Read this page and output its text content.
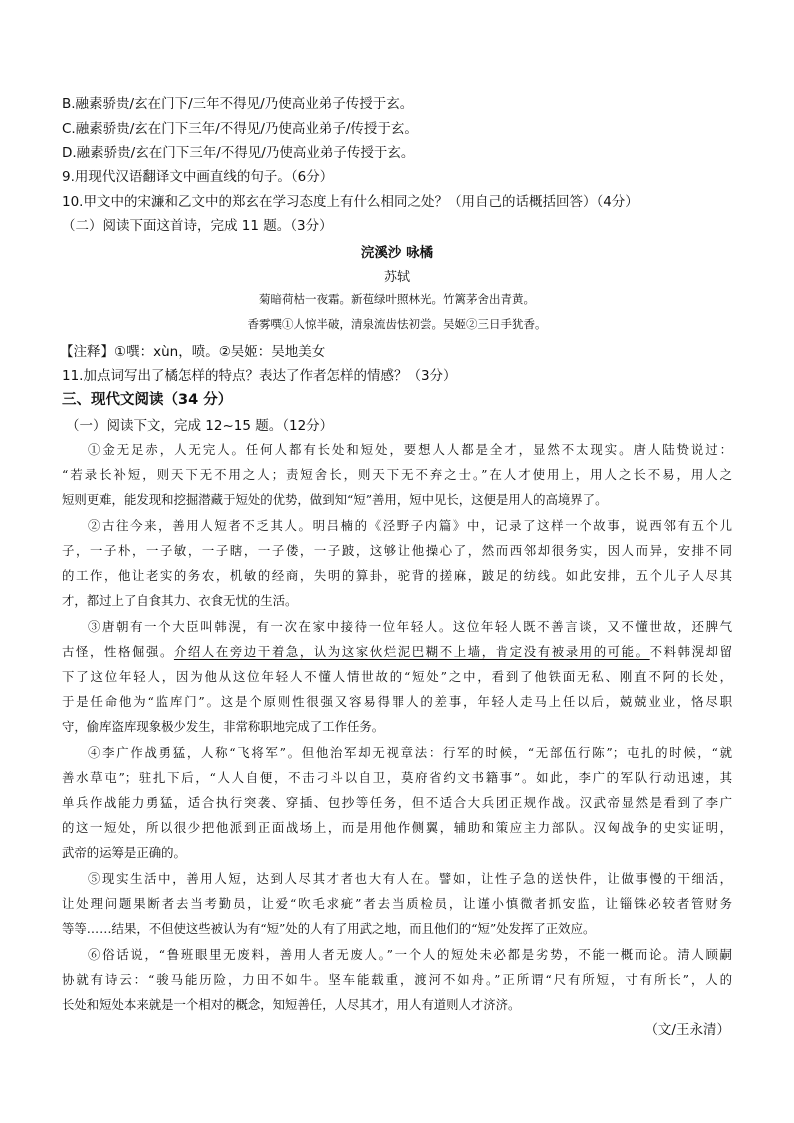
B.融素骄贵/玄在门下/三年不得见/乃使高业弟子传授于玄。
C.融素骄贵/玄在门下三年/不得见/乃使高业弟子/传授于玄。
D.融素骄贵/玄在门下三年/不得见/乃使高业弟子传授于玄。
9.用现代汉语翻译文中画直线的句子。（6分）
10.甲文中的宋濂和乙文中的郑玄在学习态度上有什么相同之处？（用自己的话概括回答）（4分）
（二）阅读下面这首诗，完成 11 题。（3分）
浣溪沙 咏橘
苏轼
菊暗荷枯一夜霜。新苞绿叶照林光。竹篱茅舍出青黄。
香雾噀①人惊半破，清泉流齿怯初尝。吴姬②三日手犹香。
【注释】①噀：xùn，喷。②吴姬：吴地美女
11.加点词写出了橘怎样的特点？表达了作者怎样的情感？（3分）
三、现代文阅读（34 分）
（一）阅读下文，完成 12~15 题。（12分）
①金无足赤，人无完人。任何人都有长处和短处，要想人人都是全才，显然不太现实。唐人陆贽说过：
“若录长补短，则天下无不用之人；责短舍长，则天下无不弃之士。”在人才使用上，用人之长不易，用人之
短则更难，能发现和挖掘潜藏于短处的优势，做到知“短”善用，短中见长，这便是用人的高境界了。
②古往今来，善用人短者不乏其人。明吕楠的《泾野子内篇》中，记录了这样一个故事，说西邻有五个儿
子，一子朴，一子敏，一子瞎，一子偻，一子跛，这够让他操心了，然而西邻却很务实，因人而异，安排不同
的工作，他让老实的务农，机敏的经商，失明的算卦，驼背的搓麻，跛足的纺线。如此安排，五个儿子人尽其
才，都过上了自食其力、衣食无忧的生活。
③唐朝有一个大臣叫韩滉，有一次在家中接待一位年轻人。这位年轻人既不善言谈，又不懂世故，还脾气
古怪，性格倔强。介绍人在旁边干着急，认为这家伙烂泥巴糊不上墙，肯定没有被录用的可能。不料韩滉却留
下了这位年轻人，因为他从这位年轻人不懂人情世故的“短处”之中，看到了他铁面无私、刚直不阿的长处，
于是任命他为“监库门”。这是个原则性很强又容易得罪人的差事，年轻人走马上任以后，兢兢业业，恪尽职
守，偷库盗库现象极少发生，非常称职地完成了工作任务。
④李广作战勇猛，人称“飞将军”。但他治军却无视章法：行军的时候，“无部伍行陈”；屯扎的时候，“就
善水草屯”；驻扎下后，“人人自便，不击刁斗以自卫，莫府省约文书籍事”。如此，李广的军队行动迅速，其
单兵作战能力勇猛，适合执行突袭、穿插、包抄等任务，但不适合大兵团正规作战。汉武帝显然是看到了李广
的这一短处，所以很少把他派到正面战场上，而是用他作侧翼，辅助和策应主力部队。汉匈战争的史实证明，
武帝的运筹是正确的。
⑤现实生活中，善用人短，达到人尽其才者也大有人在。譬如，让性子急的送快件，让做事慢的干细活，
让处理问题果断者去当考勤员，让爱“吹毛求疵”者去当质检员，让谨小慎微者抓安监，让锱铢必较者管财务
等等……结果，不但使这些被认为有“短”处的人有了用武之地，而且他们的“短”处发挥了正效应。
⑥俗话说，“鲁班眼里无废料，善用人者无废人。”一个人的短处未必都是劣势，不能一概而论。清人顾嗣
协就有诗云：“骏马能历险，力田不如牛。坚车能载重，渡河不如舟。”正所谓“尺有所短，寸有所长”，人的
长处和短处本来就是一个相对的概念，知短善任，人尽其才，用人有道则人才济济。
（文/王永清）
